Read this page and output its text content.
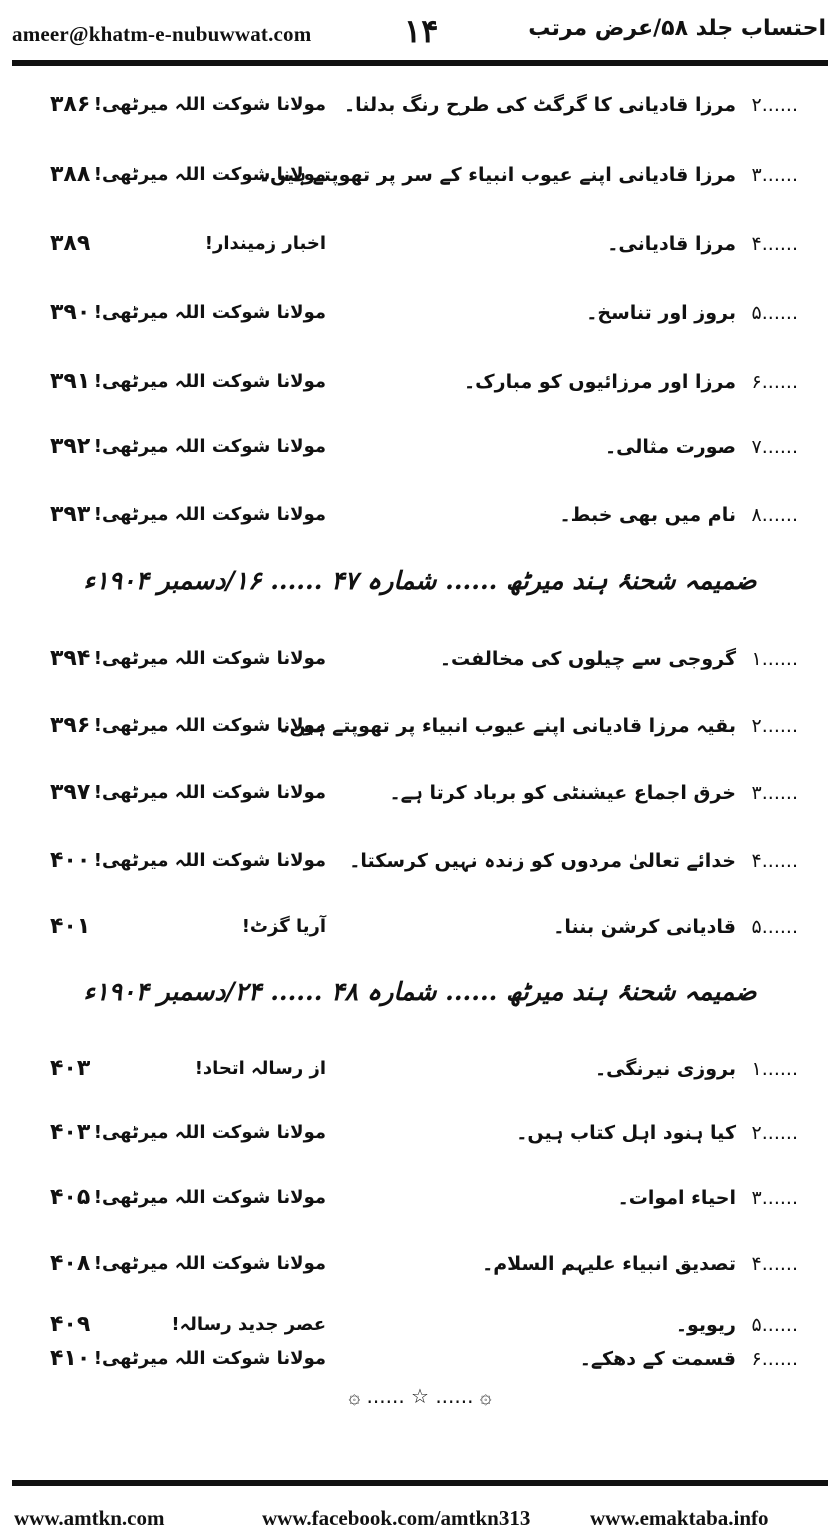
ameer@khatm-e-nubuwwat.com	۱۴	احتساب جلد ۵۸/عرض مرتب
۲......
مرزا قادیانی کا گرگٹ کی طرح رنگ بدلنا۔
مولانا شوکت اللہ میرٹھی!
۳۸۶
۳......
مرزا قادیانی اپنے عیوب انبیاء کے سر پر تھوپتے ہیں۔
مولانا شوکت اللہ میرٹھی!
۳۸۸
۴......
مرزا قادیانی۔
اخبار زمیندار!
۳۸۹
۵......
بروز اور تناسخ۔
مولانا شوکت اللہ میرٹھی!
۳۹۰
۶......
مرزا اور مرزائیوں کو مبارک۔
مولانا شوکت اللہ میرٹھی!
۳۹۱
۷......
صورت مثالی۔
مولانا شوکت اللہ میرٹھی!
۳۹۲
۸......
نام میں بھی خبط۔
مولانا شوکت اللہ میرٹھی!
۳۹۳
ضمیمہ شحنۂ ہند میرٹھ ...... شمارہ ۴۷ ...... ۱۶/دسمبر ۱۹۰۴ء
۱......
گروجی سے چیلوں کی مخالفت۔
مولانا شوکت اللہ میرٹھی!
۳۹۴
۲......
بقیہ مرزا قادیانی اپنے عیوب انبیاء پر تھوپتے ہیں۔
مولانا شوکت اللہ میرٹھی!
۳۹۶
۳......
خرق اجماع عیشنٹی کو برباد کرتا ہے۔
مولانا شوکت اللہ میرٹھی!
۳۹۷
۴......
خدائے تعالیٰ مردوں کو زندہ نہیں کرسکتا۔
مولانا شوکت اللہ میرٹھی!
۴۰۰
۵......
قادیانی کرشن بننا۔
آریا گزٹ!
۴۰۱
ضمیمہ شحنۂ ہند میرٹھ ...... شمارہ ۴۸ ...... ۲۴/دسمبر ۱۹۰۴ء
۱......
بروزی نیرنگی۔
از رسالہ اتحاد!
۴۰۳
۲......
کیا ہنود اہل کتاب ہیں۔
مولانا شوکت اللہ میرٹھی!
۴۰۳
۳......
احیاء اموات۔
مولانا شوکت اللہ میرٹھی!
۴۰۵
۴......
تصدیق انبیاء علیہم السلام۔
مولانا شوکت اللہ میرٹھی!
۴۰۸
۵......
ریویو۔
عصر جدید رسالہ!
۴۰۹
۶......
قسمت کے دھکے۔
مولانا شوکت اللہ میرٹھی!
۴۱۰
۞ ...... ☆ ...... ۞
www.amtkn.com	www.facebook.com/amtkn313	www.emaktaba.info
